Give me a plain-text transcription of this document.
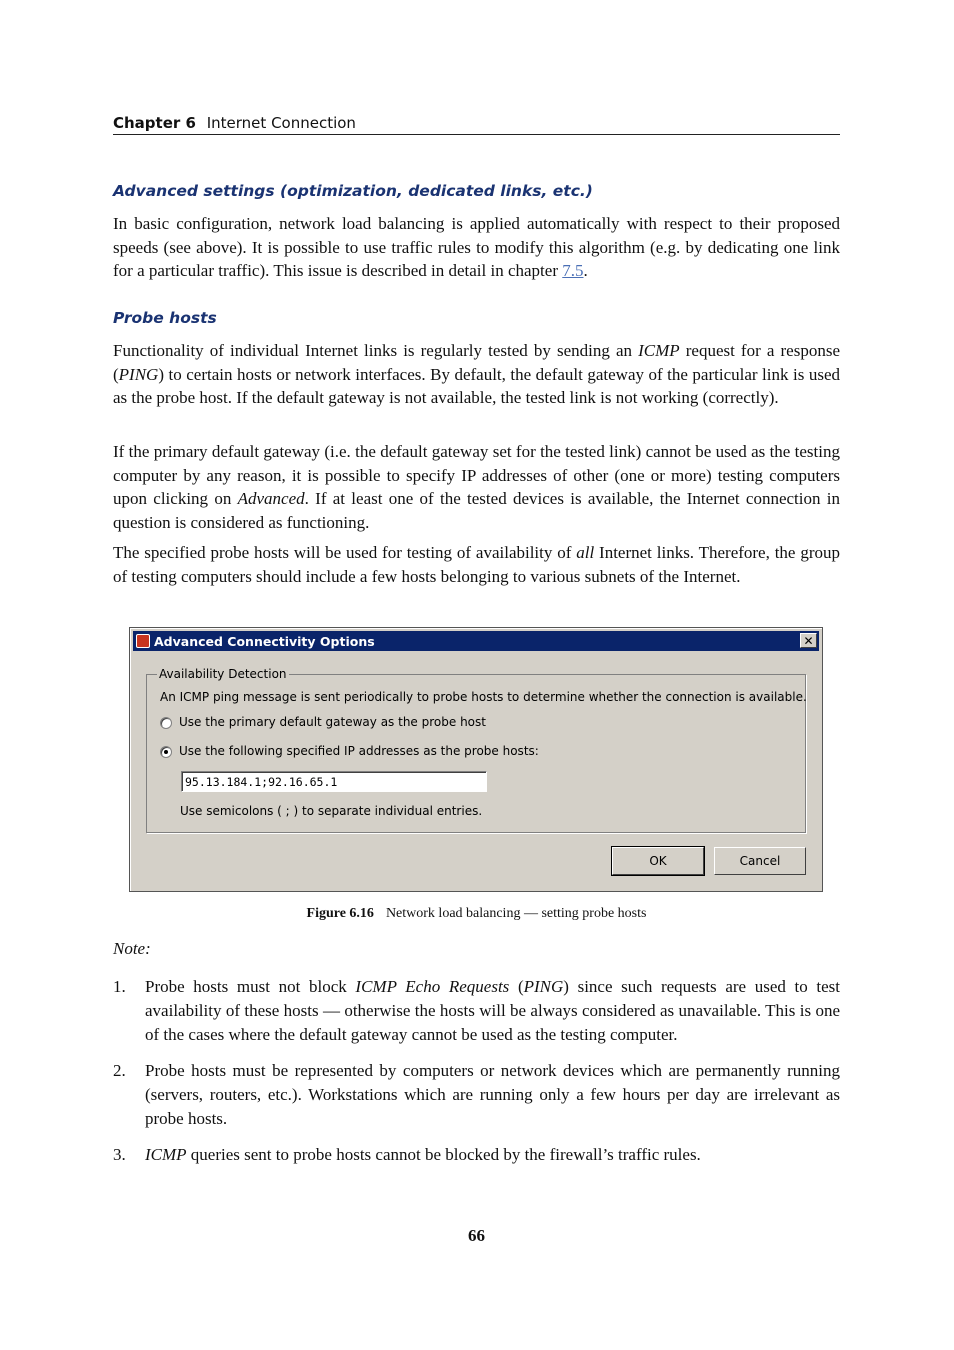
Chapter 6 Internet Connection
Advanced settings (optimization, dedicated links, etc.)

In basic configuration, network load balancing is applied automatically with respect to their proposed speeds (see above). It is possible to use traffic rules to modify this algorithm (e.g. by dedicating one link for a particular traffic). This issue is described in detail in chapter 7.5.

Probe hosts

Functionality of individual Internet links is regularly tested by sending an ICMP request for a response (PING) to certain hosts or network interfaces. By default, the default gateway of the particular link is used as the probe host. If the default gateway is not available, the tested link is not working (correctly).

If the primary default gateway (i.e. the default gateway set for the tested link) cannot be used as the testing computer by any reason, it is possible to specify IP addresses of other (one or more) testing computers upon clicking on Advanced. If at least one of the tested devices is available, the Internet connection in question is considered as functioning.

The specified probe hosts will be used for testing of availability of all Internet links. Therefore, the group of testing computers should include a few hosts belonging to various subnets of the Internet.

Figure 6.16 Network load balancing — setting probe hosts
Note:
1. Probe hosts must not block ICMP Echo Requests (PING) since such requests are used to test availability of these hosts — otherwise the hosts will be always considered as unavailable. This is one of the cases where the default gateway cannot be used as the testing computer.

2. Probe hosts must be represented by computers or network devices which are permanently running (servers, routers, etc.). Workstations which are running only a few hours per day are irrelevant as probe hosts.

3. ICMP queries sent to probe hosts cannot be blocked by the firewall’s traffic rules.

66
Advanced Connectivity Options	✕
Availability Detection
An ICMP ping message is sent periodically to probe hosts to determine whether the connection is available.
Use the primary default gateway as the probe host
Use the following specified IP addresses as the probe hosts:
95.13.184.1;92.16.65.1
Use semicolons ( ; ) to separate individual entries.
OK	Cancel
